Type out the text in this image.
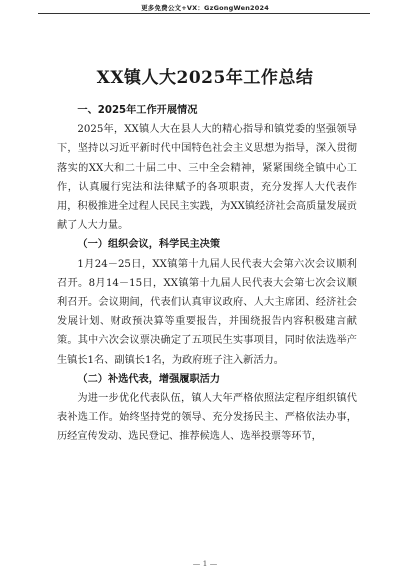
更多免费公文+VX：GzGongWen2024
XX镇人大2025年工作总结
一、2025年工作开展情况

2025年，XX镇人大在县人大的精心指导和镇党委的坚强领导下，坚持以习近平新时代中国特色社会主义思想为指导，深入贯彻落实的XX大和二十届二中、三中全会精神，紧紧围绕全镇中心工作，认真履行宪法和法律赋予的各项职责，充分发挥人大代表作用，积极推进全过程人民民主实践，为XX镇经济社会高质量发展贡献了人大力量。

（一）组织会议，科学民主决策

1月24－25日，XX镇第十九届人民代表大会第六次会议顺利召开。8月14－15日，XX镇第十九届人民代表大会第七次会议顺利召开。会议期间，代表们认真审议政府、人大主席团、经济社会发展计划、财政预决算等重要报告，并围绕报告内容积极建言献策。其中六次会议票决确定了五项民生实事项目，同时依法选举产生镇长1名、副镇长1名，为政府班子注入新活力。

（二）补选代表，增强履职活力

为进一步优化代表队伍，镇人大年严格依照法定程序组织镇代表补选工作。始终坚持党的领导、充分发扬民主、严格依法办事，历经宣传发动、选民登记、推荐候选人、选举投票等环节，

— 1 —
